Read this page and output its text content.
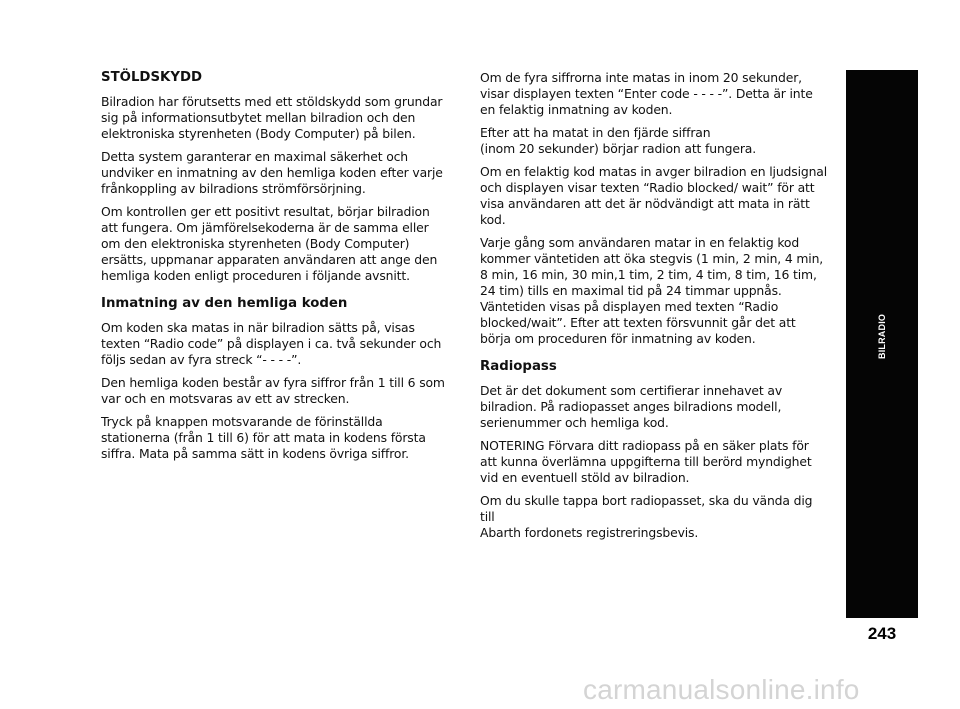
STÖLDSKYDD

Bilradion har förutsetts med ett stöldskydd som grundar
sig på informationsutbytet mellan bilradion och den
elektroniska styrenheten (Body Computer) på bilen.

Detta system garanterar en maximal säkerhet och
undviker en inmatning av den hemliga koden efter varje
frånkoppling av bilradions strömförsörjning.

Om kontrollen ger ett positivt resultat, börjar bilradion
att fungera. Om jämförelsekoderna är de samma eller
om den elektroniska styrenheten (Body Computer)
ersätts, uppmanar apparaten användaren att ange den
hemliga koden enligt proceduren i följande avsnitt.

Inmatning av den hemliga koden

Om koden ska matas in när bilradion sätts på, visas
texten “Radio code” på displayen i ca. två sekunder och
följs sedan av fyra streck “- - - -”.

Den hemliga koden består av fyra siffror från 1 till 6 som
var och en motsvaras av ett av strecken.

Tryck på knappen motsvarande de förinställda
stationerna (från 1 till 6) för att mata in kodens första
siffra. Mata på samma sätt in kodens övriga siffror.

Om de fyra siffrorna inte matas in inom 20 sekunder,
visar displayen texten “Enter code - - - -”. Detta är inte
en felaktig inmatning av koden.

Efter att ha matat in den fjärde siffran
(inom 20 sekunder) börjar radion att fungera.

Om en felaktig kod matas in avger bilradion en ljudsignal
och displayen visar texten “Radio blocked/ wait” för att
visa användaren att det är nödvändigt att mata in rätt
kod.

Varje gång som användaren matar in en felaktig kod
kommer väntetiden att öka stegvis (1 min, 2 min, 4 min,
8 min, 16 min, 30 min,1 tim, 2 tim, 4 tim, 8 tim, 16 tim,
24 tim) tills en maximal tid på 24 timmar uppnås.
Väntetiden visas på displayen med texten “Radio
blocked/wait”. Efter att texten försvunnit går det att
börja om proceduren för inmatning av koden.

Radiopass

Det är det dokument som certifierar innehavet av
bilradion. På radiopasset anges bilradions modell,
serienummer och hemliga kod.

NOTERING Förvara ditt radiopass på en säker plats för
att kunna överlämna uppgifterna till berörd myndighet
vid en eventuell stöld av bilradion.

Om du skulle tappa bort radiopasset, ska du vända dig till
Abarth fordonets registreringsbevis.

BILRADIO
243
carmanualsonline.info
